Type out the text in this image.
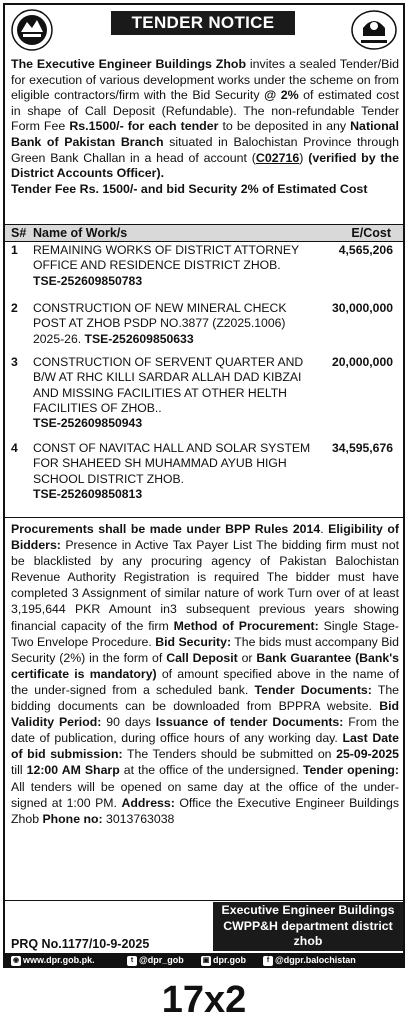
TENDER NOTICE
The Executive Engineer Buildings Zhob invites a sealed Tender/Bid for execution of various development works under the scheme on from eligible contractors/firm with the Bid Security @ 2% of estimated cost in shape of Call Deposit (Refundable). The non-refundable Tender Form Fee Rs.1500/- for each tender to be deposited in any National Bank of Pakistan Branch situated in Balochistan Province through Green Bank Challan in a head of account (C02716) (verified by the District Accounts Officer).
Tender Fee Rs. 1500/- and bid Security 2% of Estimated Cost
S# Name of Work/s	E/Cost
1 REMAINING WORKS OF DISTRICT ATTORNEY OFFICE AND RESIDENCE DISTRICT ZHOB.
TSE-252609850783
4,565,206
2 CONSTRUCTION OF NEW MINERAL CHECK POST AT ZHOB PSDP NO.3877 (Z2025.1006) 2025-26. TSE-252609850633
30,000,000
3 CONSTRUCTION OF SERVENT QUARTER AND B/W AT RHC KILLI SARDAR ALLAH DAD KIBZAI AND MISSING FACILITIES AT OTHER HELTH FACILITIES OF ZHOB..
TSE-252609850943
20,000,000
4 CONST OF NAVITAC HALL AND SOLAR SYSTEM FOR SHAHEED SH MUHAMMAD AYUB HIGH SCHOOL DISTRICT ZHOB.
TSE-252609850813
34,595,676
Procurements shall be made under BPP Rules 2014. Eligibility of Bidders: Presence in Active Tax Payer List The bidding firm must not be blacklisted by any procuring agency of Pakistan Balochistan Revenue Authority Registration is required The bidder must have completed 3 Assignment of similar nature of work Turn over of at least 3,195,644 PKR Amount in3 subsequent previous years showing financial capacity of the firm Method of Procurement: Single Stage-Two Envelope Procedure. Bid Security: The bids must accompany Bid Security (2%) in the form of Call Deposit or Bank Guarantee (Bank's certificate is mandatory) of amount specified above in the name of the under-signed from a scheduled bank. Tender Documents: The bidding documents can be downloaded from BPPRA website. Bid Validity Period: 90 days Issuance of tender Documents: From the date of publication, during office hours of any working day. Last Date of bid submission: The Tenders should be submitted on 25-09-2025 till 12:00 AM Sharp at the office of the undersigned. Tender opening: All tenders will be opened on same day at the office of the under-signed at 1:00 PM. Address: Office the Executive Engineer Buildings Zhob Phone no: 3013763038
PRQ No.1177/10-9-2025
Executive Engineer Buildings
CWPP&H department district
zhob
◉ www.dpr.gob.pk.	t @dpr_gob	▣ dpr.gob	f @dgpr.balochistan
17x2
